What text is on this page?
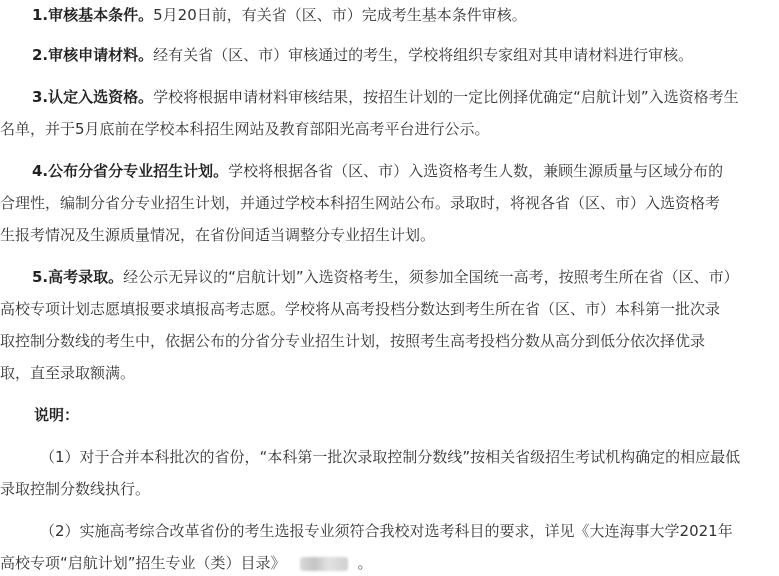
1.审核基本条件。5月20日前，有关省（区、市）完成考生基本条件审核。
2.审核申请材料。经有关省（区、市）审核通过的考生，学校将组织专家组对其申请材料进行审核。
3.认定入选资格。学校将根据申请材料审核结果，按招生计划的一定比例择优确定“启航计划”入选资格考生
名单，并于5月底前在学校本科招生网站及教育部阳光高考平台进行公示。
4.公布分省分专业招生计划。学校将根据各省（区、市）入选资格考生人数，兼顾生源质量与区域分布的
合理性，编制分省分专业招生计划，并通过学校本科招生网站公布。录取时，将视各省（区、市）入选资格考
生报考情况及生源质量情况，在省份间适当调整分专业招生计划。
5.高考录取。经公示无异议的“启航计划”入选资格考生，须参加全国统一高考，按照考生所在省（区、市）
高校专项计划志愿填报要求填报高考志愿。学校将从高考投档分数达到考生所在省（区、市）本科第一批次录
取控制分数线的考生中，依据公布的分省分专业招生计划，按照考生高考投档分数从高分到低分依次择优录
取，直至录取额满。
说明：
（1）对于合并本科批次的省份，“本科第一批次录取控制分数线”按相关省级招生考试机构确定的相应最低
录取控制分数线执行。
（2）实施高考综合改革省份的考生选报专业须符合我校对选考科目的要求，详见《大连海事大学2021年
高校专项“启航计划”招生专业（类）目录》	。
